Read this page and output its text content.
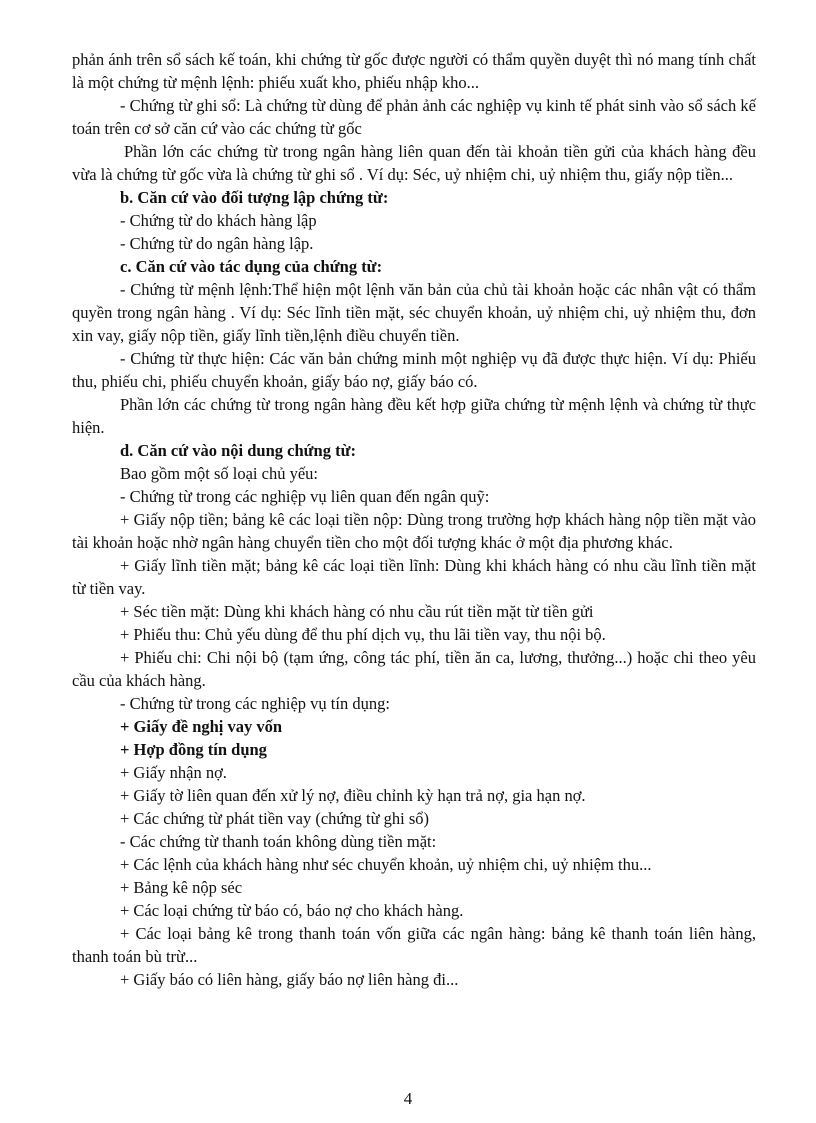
phản ánh trên sổ sách kế toán, khi chứng từ gốc được người có thẩm quyền duyệt thì nó mang tính chất là một chứng từ mệnh lệnh: phiếu xuất kho, phiếu nhập kho...

- Chứng từ ghi sổ: Là chứng từ dùng để phản ảnh các nghiệp vụ kinh tế phát sinh vào sổ sách kế toán trên cơ sở căn cứ vào các chứng từ gốc

Phần lớn các chứng từ trong ngân hàng liên quan đến tài khoản tiền gửi của khách hàng đều vừa là chứng từ gốc vừa là chứng từ ghi sổ . Ví dụ: Séc, uỷ nhiệm chi, uỷ nhiệm thu, giấy nộp tiền...

b. Căn cứ vào đối tượng lập chứng từ:

- Chứng từ do khách hàng lập

- Chứng từ do ngân hàng lập.

c. Căn cứ vào tác dụng của chứng từ:

- Chứng từ mệnh lệnh:Thể hiện một lệnh văn bản của chủ tài khoản hoặc các nhân vật có thẩm quyền trong ngân hàng . Ví dụ: Séc lĩnh tiền mặt, séc chuyển khoản, uỷ nhiệm chi, uỷ nhiệm thu, đơn xin vay, giấy nộp tiền, giấy lĩnh tiền,lệnh điều chuyển tiền.

- Chứng từ thực hiện: Các văn bản chứng minh một nghiệp vụ đã được thực hiện. Ví dụ: Phiếu thu, phiếu chi, phiếu chuyển khoản, giấy báo nợ, giấy báo có.

Phần lớn các chứng từ trong ngân hàng đều kết hợp giữa chứng từ mệnh lệnh và chứng từ thực hiện.

d. Căn cứ vào nội dung chứng từ:

Bao gồm một số loại chủ yếu:

- Chứng từ trong các nghiệp vụ liên quan đến ngân quỹ:

+ Giấy nộp tiền; bảng kê các loại tiền nộp: Dùng trong trường hợp khách hàng nộp tiền mặt vào tài khoản hoặc nhờ ngân hàng chuyển tiền cho một đối tượng khác ở một địa phương khác.

+ Giấy lĩnh tiền mặt; bảng kê các loại tiền lĩnh: Dùng khi khách hàng có nhu cầu lĩnh tiền mặt từ tiền vay.

+ Séc tiền mặt: Dùng khi khách hàng có nhu cầu rút tiền mặt từ tiền gửi

+ Phiếu thu: Chủ yếu dùng để thu phí dịch vụ, thu lãi tiền vay, thu nội bộ.

+ Phiếu chi: Chi nội bộ (tạm ứng, công tác phí, tiền ăn ca, lương, thưởng...) hoặc chi theo yêu cầu của khách hàng.

- Chứng từ trong các nghiệp vụ tín dụng:

+ Giấy đề nghị vay vốn

+ Hợp đồng tín dụng

+ Giấy nhận nợ.

+ Giấy tờ liên quan đến xử lý nợ, điều chỉnh kỳ hạn trả nợ, gia hạn nợ.

+ Các chứng từ phát tiền vay (chứng từ ghi sổ)

- Các chứng từ thanh toán không dùng tiền mặt:

+ Các lệnh của khách hàng như séc chuyển khoản, uỷ nhiệm chi, uỷ nhiệm thu...

+ Bảng kê nộp séc

+ Các loại chứng từ báo có, báo nợ cho khách hàng.

+ Các loại bảng kê trong thanh toán vốn giữa các ngân hàng: bảng kê thanh toán liên hàng, thanh toán bù trừ...

+ Giấy báo có liên hàng, giấy báo nợ liên hàng đi...

4
